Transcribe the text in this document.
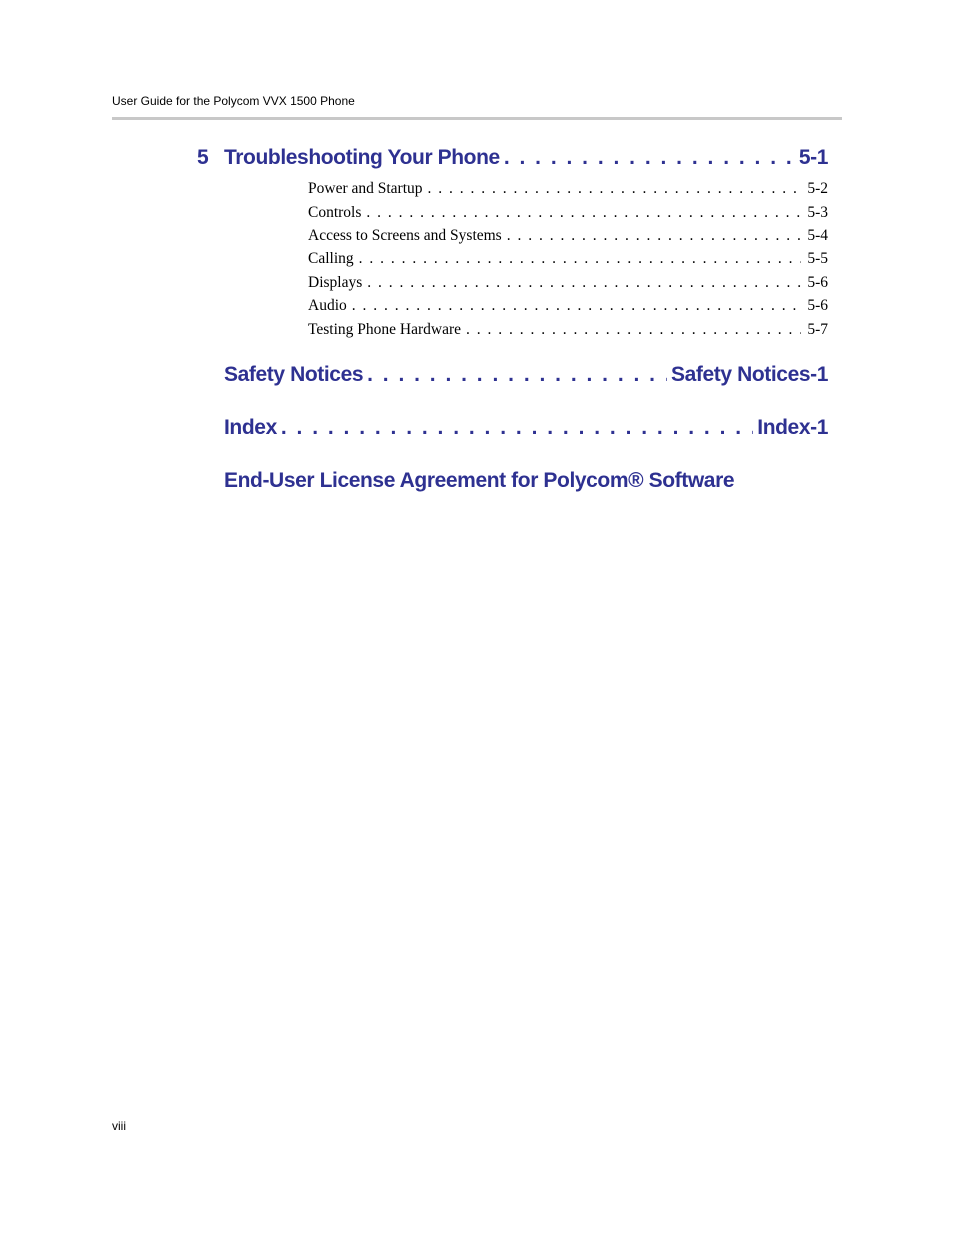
User Guide for the Polycom VVX 1500 Phone
5 Troubleshooting Your Phone . . .	5-1
Power and Startup . . .	5-2
Controls . . .	5-3
Access to Screens and Systems . . .	5-4
Calling . . .	5-5
Displays . . .	5-6
Audio . . .	5-6
Testing Phone Hardware . . .	5-7
Safety Notices . . .	Safety Notices-1
Index . . .	Index-1
End-User License Agreement for Polycom® Software
viii
